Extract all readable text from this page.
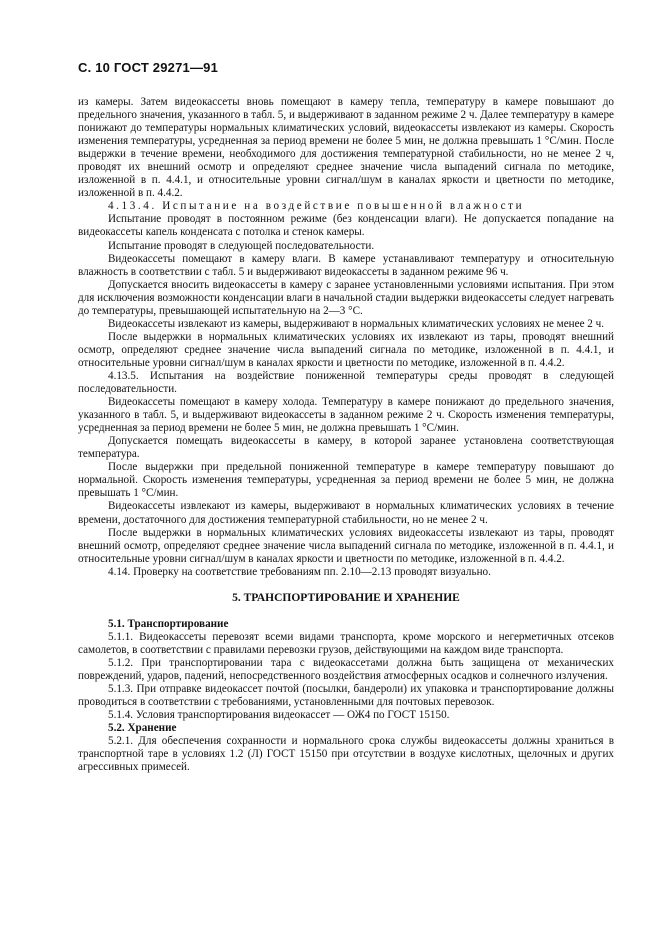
С. 10 ГОСТ 29271—91

из камеры. Затем видеокассеты вновь помещают в камеру тепла, температуру в камере повышают до предельного значения, указанного в табл. 5, и выдерживают в заданном режиме 2 ч. Далее температуру в камере понижают до температуры нормальных климатических условий, видеокассеты извлекают из камеры. Скорость изменения температуры, усредненная за период времени не более 5 мин, не должна превышать 1 °С/мин. После выдержки в течение времени, необходимого для достижения температурной стабильности, но не менее 2 ч, проводят их внешний осмотр и определяют среднее значение числа выпадений сигнала по методике, изложенной в п. 4.4.1, и относительные уровни сигнал/шум в каналах яркости и цветности по методике, изложенной в п. 4.4.2.

4.13.4. Испытание на воздействие повышенной влажности

Испытание проводят в постоянном режиме (без конденсации влаги). Не допускается попадание на видеокассеты капель конденсата с потолка и стенок камеры.

Испытание проводят в следующей последовательности.

Видеокассеты помещают в камеру влаги. В камере устанавливают температуру и относительную влажность в соответствии с табл. 5 и выдерживают видеокассеты в заданном режиме 96 ч.

Допускается вносить видеокассеты в камеру с заранее установленными условиями испытания. При этом для исключения возможности конденсации влаги в начальной стадии выдержки видеокассеты следует нагревать до температуры, превышающей испытательную на 2—3 °С.

Видеокассеты извлекают из камеры, выдерживают в нормальных климатических условиях не менее 2 ч.

После выдержки в нормальных климатических условиях их извлекают из тары, проводят внешний осмотр, определяют среднее значение числа выпадений сигнала по методике, изложенной в п. 4.4.1, и относительные уровни сигнал/шум в каналах яркости и цветности по методике, изложенной в п. 4.4.2.

4.13.5. Испытания на воздействие пониженной температуры среды проводят в следующей последовательности.

Видеокассеты помещают в камеру холода. Температуру в камере понижают до предельного значения, указанного в табл. 5, и выдерживают видеокассеты в заданном режиме 2 ч. Скорость изменения температуры, усредненная за период времени не более 5 мин, не должна превышать 1 °С/мин.

Допускается помещать видеокассеты в камеру, в которой заранее установлена соответствующая температура.

После выдержки при предельной пониженной температуре в камере температуру повышают до нормальной. Скорость изменения температуры, усредненная за период времени не более 5 мин, не должна превышать 1 °С/мин.

Видеокассеты извлекают из камеры, выдерживают в нормальных климатических условиях в течение времени, достаточного для достижения температурной стабильности, но не менее 2 ч.

После выдержки в нормальных климатических условиях видеокассеты извлекают из тары, проводят внешний осмотр, определяют среднее значение числа выпадений сигнала по методике, изложенной в п. 4.4.1, и относительные уровни сигнал/шум в каналах яркости и цветности по методике, изложенной в п. 4.4.2.

4.14. Проверку на соответствие требованиям пп. 2.10—2.13 проводят визуально.

5. ТРАНСПОРТИРОВАНИЕ И ХРАНЕНИЕ

5.1. Транспортирование

5.1.1. Видеокассеты перевозят всеми видами транспорта, кроме морского и негерметичных отсеков самолетов, в соответствии с правилами перевозки грузов, действующими на каждом виде транспорта.

5.1.2. При транспортировании тара с видеокассетами должна быть защищена от механических повреждений, ударов, падений, непосредственного воздействия атмосферных осадков и солнечного излучения.

5.1.3. При отправке видеокассет почтой (посылки, бандероли) их упаковка и транспортирование должны проводиться в соответствии с требованиями, установленными для почтовых перевозок.

5.1.4. Условия транспортирования видеокассет — ОЖ4 по ГОСТ 15150.

5.2. Хранение

5.2.1. Для обеспечения сохранности и нормального срока службы видеокассеты должны храниться в транспортной таре в условиях 1.2 (Л) ГОСТ 15150 при отсутствии в воздухе кислотных, щелочных и других агрессивных примесей.
